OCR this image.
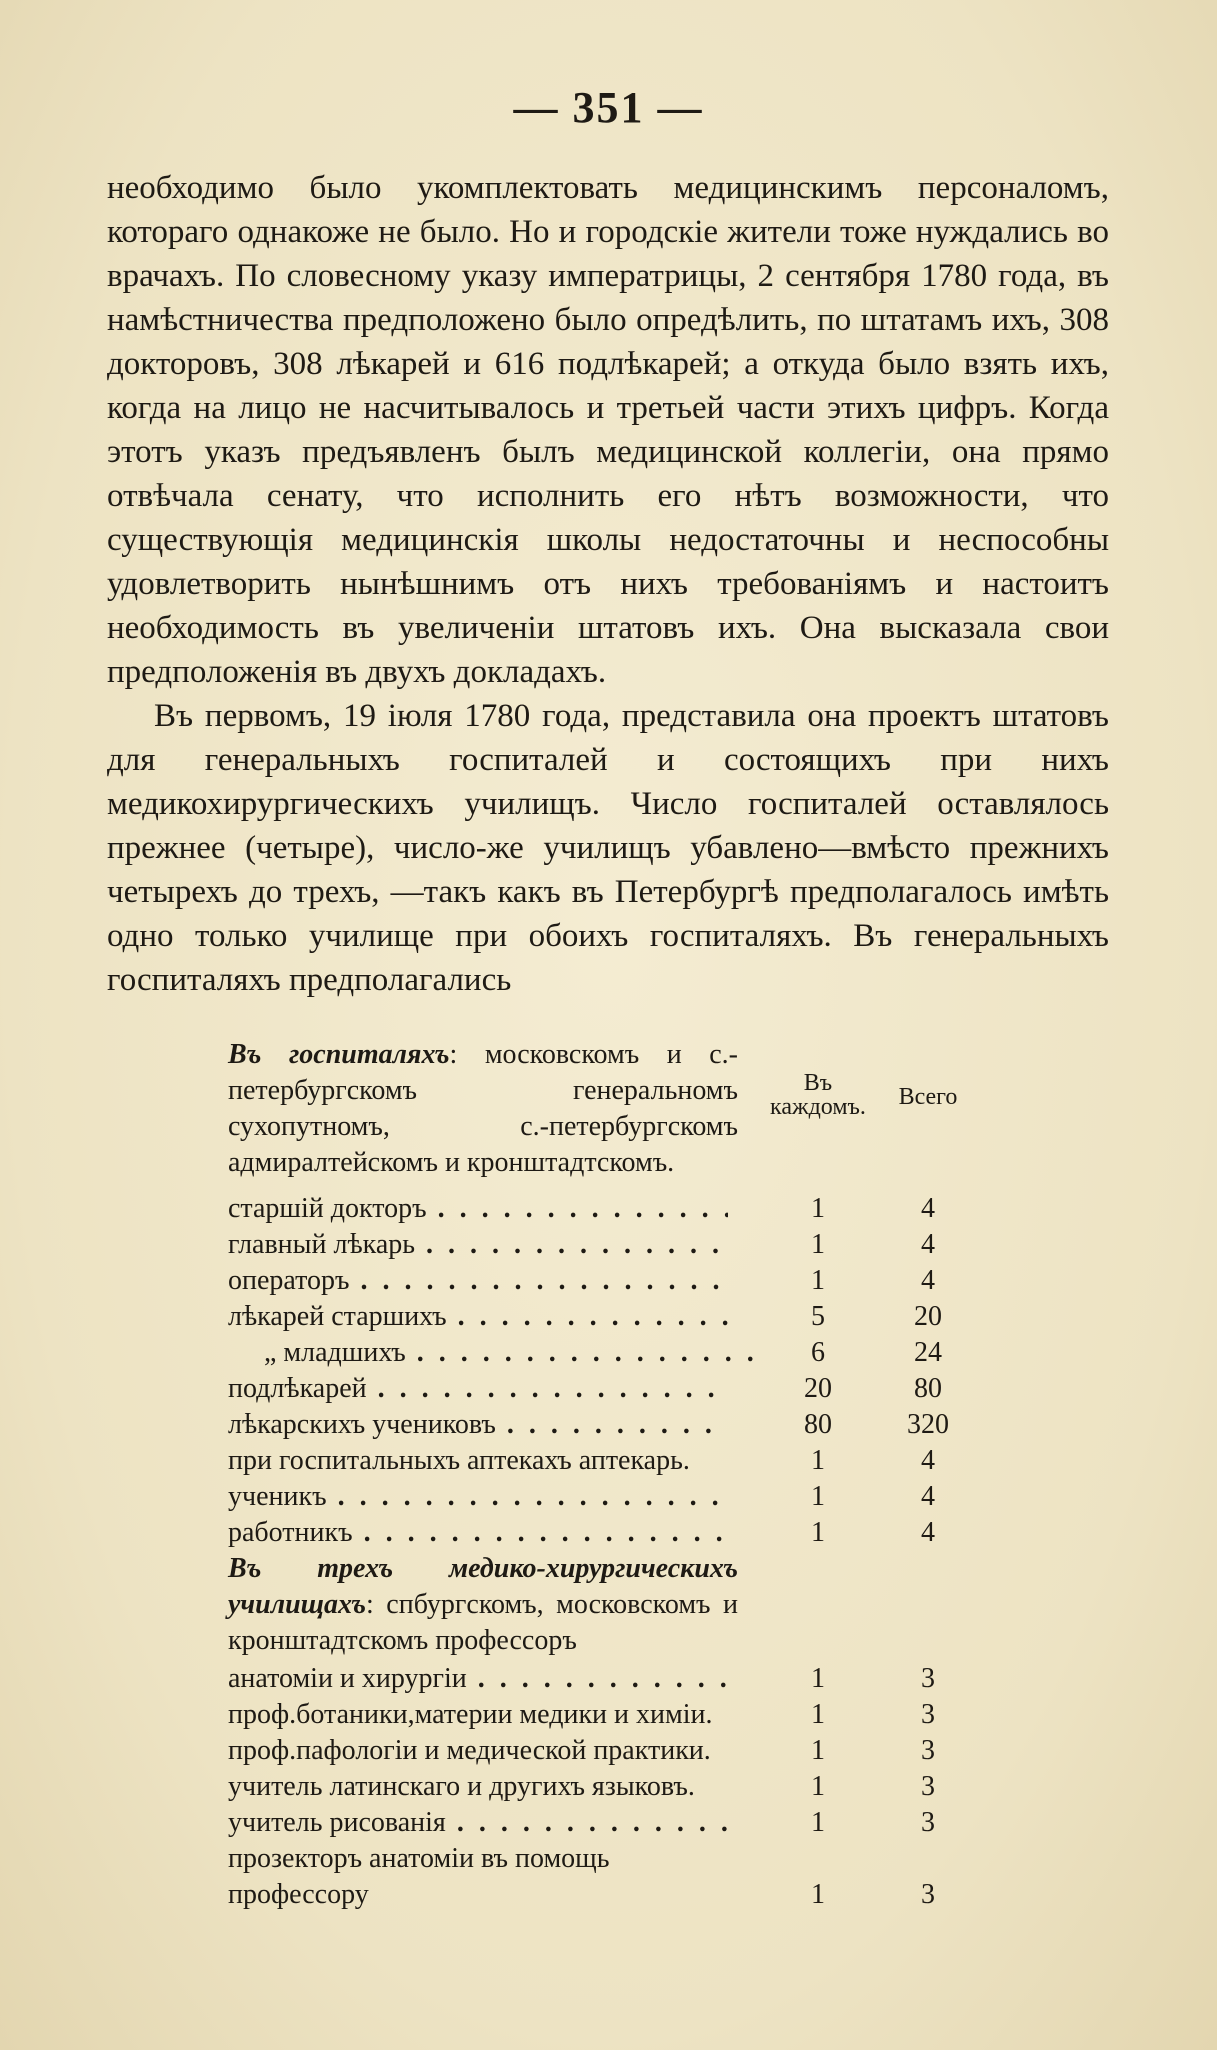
— 351 —

необходимо было укомплектовать медицинскимъ персоналомъ, котораго однакоже не было. Но и городскіе жители тоже нуждались во врачахъ. По словесному указу императрицы, 2 сентября 1780 года, въ намѣстничества предположено было опредѣлить, по штатамъ ихъ, 308 докторовъ, 308 лѣкарей и 616 подлѣкарей; а откуда было взять ихъ, когда на лицо не насчитывалось и третьей части этихъ цифръ. Когда этотъ указъ предъявленъ былъ медицинской коллегіи, она прямо отвѣчала сенату, что исполнить его нѣтъ возможности, что существующія медицинскія школы недостаточны и неспособны удовлетворить нынѣшнимъ отъ нихъ требованіямъ и настоитъ необходимость въ увеличеніи штатовъ ихъ. Она высказала свои предположенія въ двухъ докладахъ.

Въ первомъ, 19 іюля 1780 года, представила она проектъ штатовъ для генеральныхъ госпиталей и состоящихъ при нихъ медикохирургическихъ училищъ. Число госпиталей оставлялось прежнее (четыре), число-же училищъ убавлено—вмѣсто прежнихъ четырехъ до трехъ, —такъ какъ въ Петербургѣ предполагалось имѣть одно только училище при обоихъ госпиталяхъ. Въ генеральныхъ госпиталяхъ предполагались

Въ госпиталяхъ: московскомъ и с.-петербургскомъ генеральномъ сухопутномъ, с.-петербургскомъ адмиралтейскомъ и кронштадтскомъ.
Въ каждомъ.	Всего
старшій докторъ . . .	1	4
главный лѣкарь . . .	1	4
операторъ . . .	1	4
лѣкарей старшихъ . . .	5	20
„ младшихъ . . .	6	24
подлѣкарей . . .	20	80
лѣкарскихъ учениковъ . . .	80	320
при госпитальныхъ аптекахъ аптекарь.	1	4
ученикъ . . .	1	4
работникъ . . .	1	4
Въ трехъ медико-хирургическихъ училищахъ: спбургскомъ, московскомъ и кронштадтскомъ профессоръ
анатоміи и хирургіи . . .	1	3
проф.ботаники,материи медики и химіи.	1	3
проф.пафологіи и медической практики.	1	3
учитель латинскаго и другихъ языковъ.	1	3
учитель рисованія . . .	1	3
прозекторъ анатоміи въ помощь профессору	1	3
